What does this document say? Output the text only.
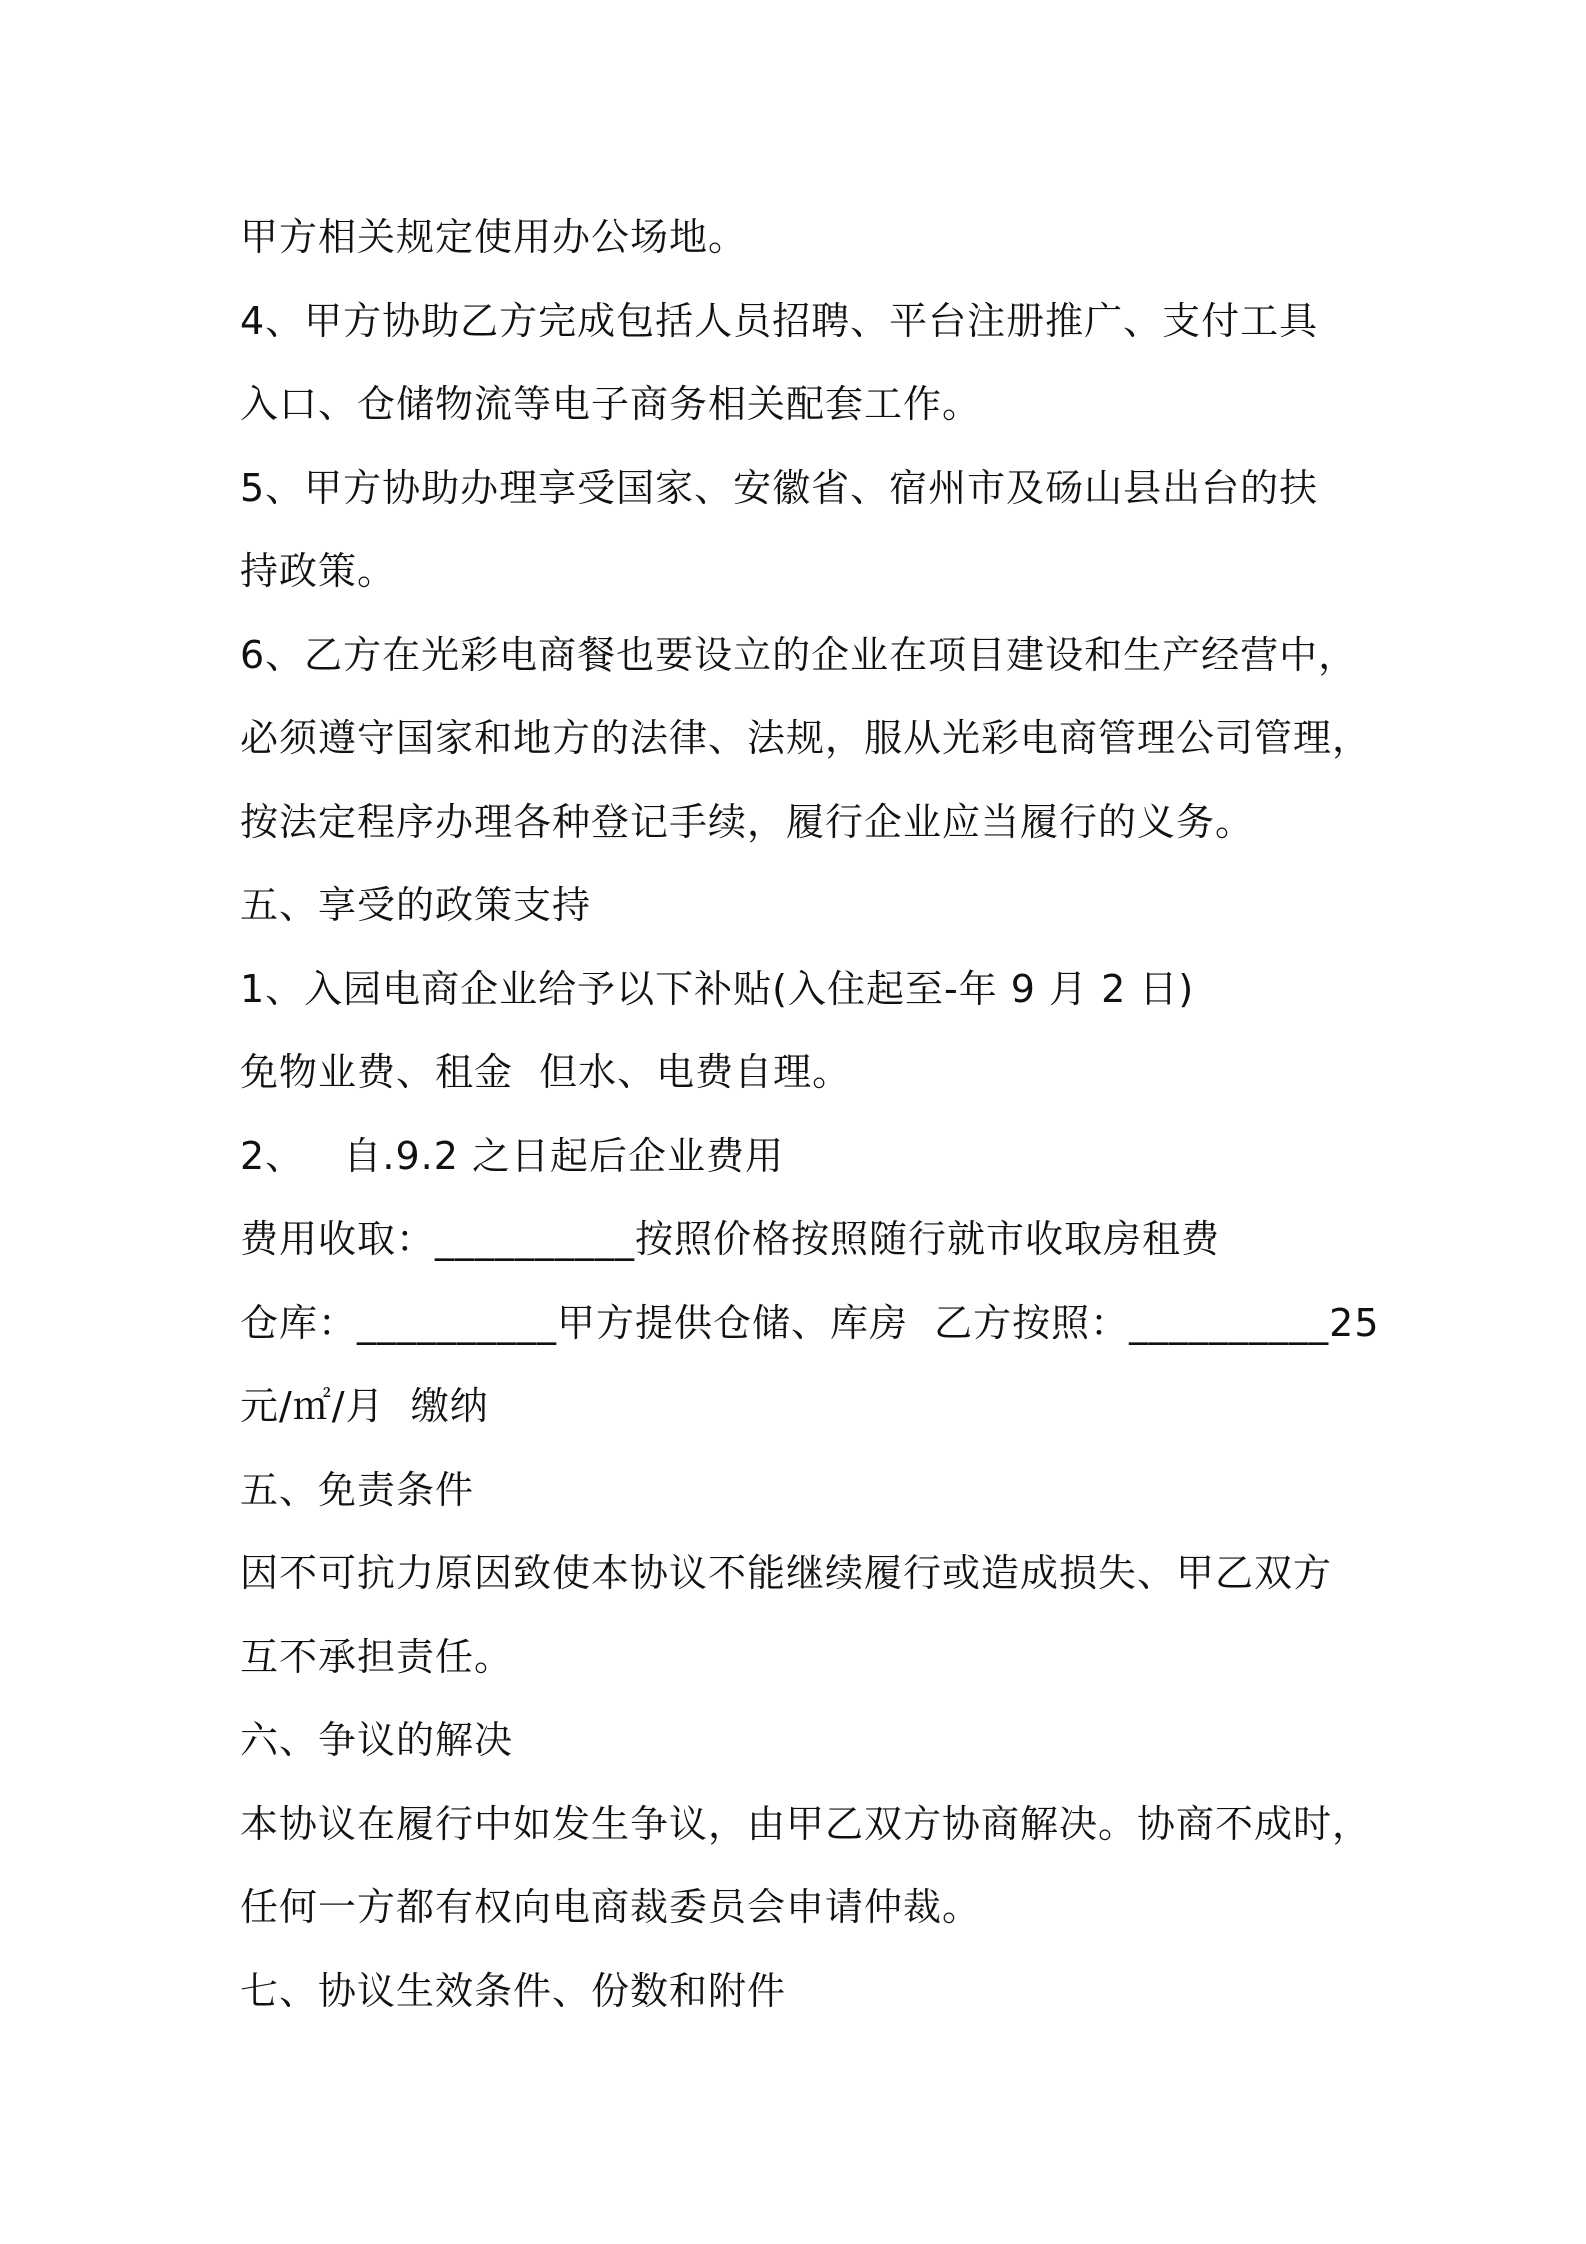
甲方相关规定使用办公场地。
4、甲方协助乙方完成包括人员招聘、平台注册推广、支付工具
入口、仓储物流等电子商务相关配套工作。
5、甲方协助办理享受国家、安徽省、宿州市及砀山县出台的扶
持政策。
6、乙方在光彩电商餐也要设立的企业在项目建设和生产经营中，
必须遵守国家和地方的法律、法规，服从光彩电商管理公司管理，
按法定程序办理各种登记手续，履行企业应当履行的义务。
五、享受的政策支持
1、入园电商企业给予以下补贴(入住起至-年 9 月 2 日)
免物业费、租金  但水、电费自理。
2、   自.9.2 之日起后企业费用
费用收取：__________按照价格按照随行就市收取房租费
仓库：__________甲方提供仓储、库房  乙方按照：__________25
元/㎡/月  缴纳
五、免责条件
因不可抗力原因致使本协议不能继续履行或造成损失、甲乙双方
互不承担责任。
六、争议的解决
本协议在履行中如发生争议，由甲乙双方协商解决。协商不成时，
任何一方都有权向电商裁委员会申请仲裁。
七、协议生效条件、份数和附件
